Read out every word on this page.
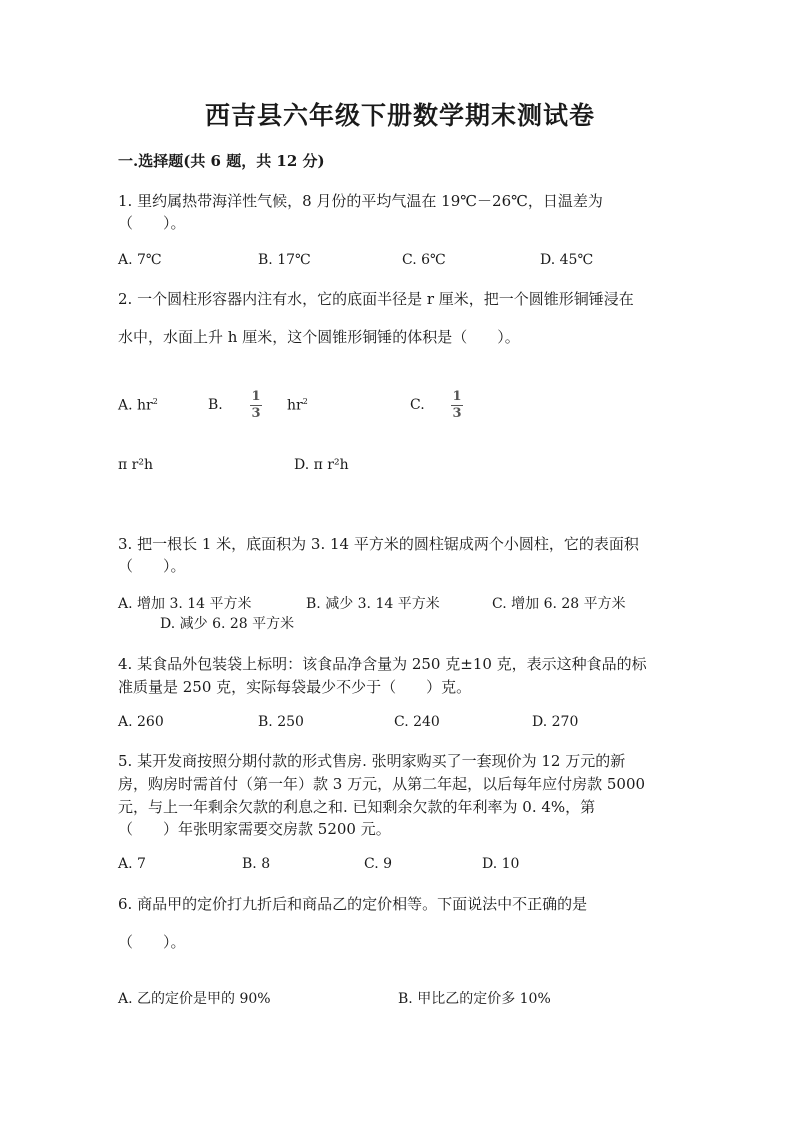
西吉县六年级下册数学期末测试卷
一.选择题(共 6 题，共 12 分)
1. 里约属热带海洋性气候，8 月份的平均气温在 19℃－26℃，日温差为
（　　）。
A. 7℃	B. 17℃	C. 6℃	D. 45℃
2. 一个圆柱形容器内注有水，它的底面半径是 r 厘米，把一个圆锥形铜锤浸在
水中，水面上升 h 厘米，这个圆锥形铜锤的体积是（　　）。
A. $hr^2$	B.
1
3 $hr^2$	C.
1
3
π r²h	D. π r²h
3. 把一根长 1 米，底面积为 3. 14 平方米的圆柱锯成两个小圆柱，它的表面积
（　　）。
A. 增加 3. 14 平方米	B. 减少 3. 14 平方米	C. 增加 6. 28 平方米
D. 减少 6. 28 平方米
4. 某食品外包装袋上标明：该食品净含量为 250 克±10 克，表示这种食品的标
准质量是 250 克，实际每袋最少不少于（　　）克。
A. 260	B. 250	C. 240	D. 270
5. 某开发商按照分期付款的形式售房. 张明家购买了一套现价为 12 万元的新
房，购房时需首付（第一年）款 3 万元，从第二年起，以后每年应付房款 5000
元，与上一年剩余欠款的利息之和. 已知剩余欠款的年利率为 0. 4%，第
（　　）年张明家需要交房款 5200 元。
A. 7	B. 8	C. 9	D. 10
6. 商品甲的定价打九折后和商品乙的定价相等。下面说法中不正确的是
（　　）。
A. 乙的定价是甲的 90%	B. 甲比乙的定价多 10%
